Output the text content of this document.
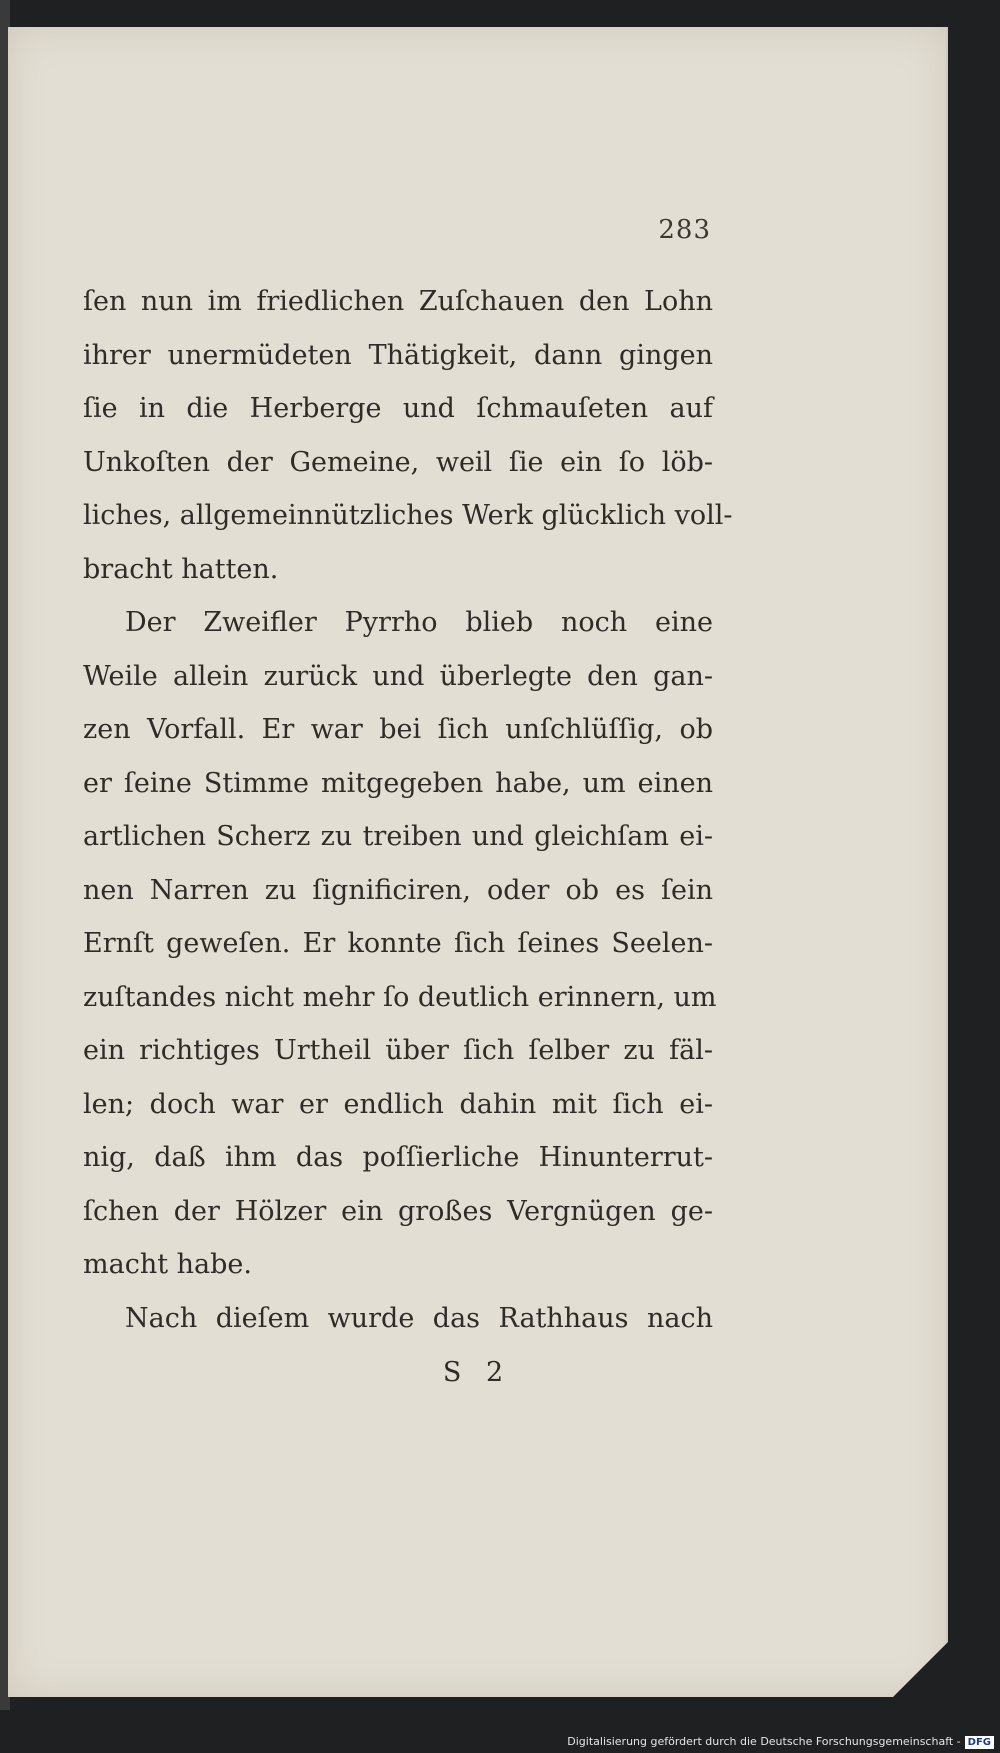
283
ſen nun im friedlichen Zuſchauen den Lohn
ihrer unermüdeten Thätigkeit, dann gingen
ſie in die Herberge und ſchmauſeten auf
Unkoſten der Gemeine, weil ſie ein ſo löb-
liches, allgemeinnützliches Werk glücklich voll-
bracht hatten.
Der Zweifler Pyrrho blieb noch eine
Weile allein zurück und überlegte den gan-
zen Vorfall. Er war bei ſich unſchlüſſig, ob
er ſeine Stimme mitgegeben habe, um einen
artlichen Scherz zu treiben und gleichſam ei-
nen Narren zu ſignificiren, oder ob es ſein
Ernſt geweſen. Er konnte ſich ſeines Seelen-
zuſtandes nicht mehr ſo deutlich erinnern, um
ein richtiges Urtheil über ſich ſelber zu fäl-
len; doch war er endlich dahin mit ſich ei-
nig, daß ihm das poſſierliche Hinunterrut-
ſchen der Hölzer ein großes Vergnügen ge-
macht habe.
Nach dieſem wurde das Rathhaus nach
S 2
Digitalisierung gefördert durch die Deutsche Forschungsgemeinschaft - DFG
